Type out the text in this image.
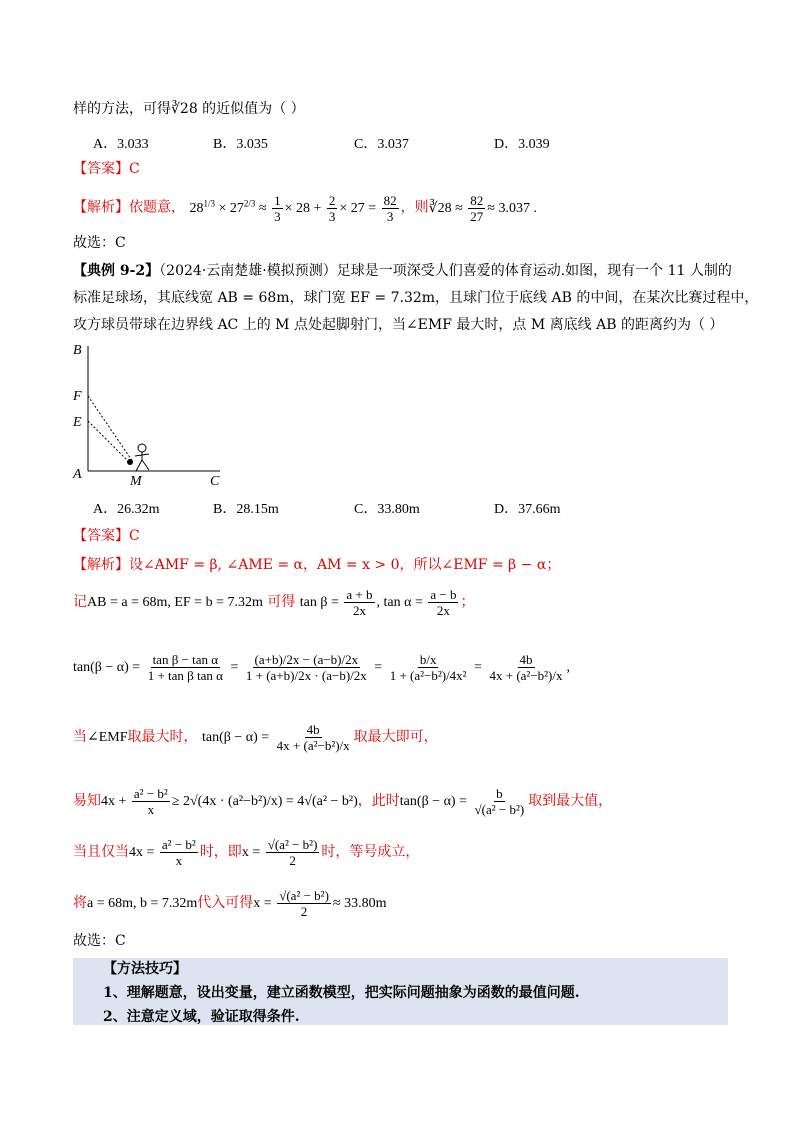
样的方法，可得∛28 的近似值为（ ）
A．3.033	B．3.035	C．3.037	D．3.039
【答案】C
【解析】依题意， $28^{1/3} \times 27^{2/3} \approx \frac{1}{3} \times 28 + \frac{2}{3} \times 27 = \frac{82}{3}$ ，则∛28 ≈ $\frac{82}{27} \approx 3.037$ .
故选：C
【典例 9-2】（2024·云南楚雄·模拟预测）足球是一项深受人们喜爱的体育运动.如图，现有一个 11 人制的
标准足球场，其底线宽 AB = 68m，球门宽 EF = 7.32m，且球门位于底线 AB 的中间，在某次比赛过程中，
攻方球员带球在边界线 AC 上的 M 点处起脚射门，当∠EMF 最大时，点 M 离底线 AB 的距离约为（ ）
B
F
E
A	M	C
A．26.32m	B．28.15m	C．33.80m	D．37.66m
【答案】C
【解析】设∠AMF = β, ∠AME = α，AM = x > 0，所以∠EMF = β − α；
记AB = a = 68m, EF = b = 7.32m 可得 $\tan \beta = \frac{a + b}{2x}$ , $\tan \alpha = \frac{a - b}{2x}$ ；
$\tan(\beta - \alpha) = \frac{\text{tan β − tan α}}{\text{1 + tan β tan α}} = \frac{(a+b)/2x - (a-b)/2x}{1 + (a+b)/2x \cdot (a-b)/2x} = \frac{b/x}{\text{1 + (a²−b²)/4x²}} = \frac{4b}{\text{4x + (a²−b²)/x}}$ ,
当∠EMF取最大时， $\tan(\beta - \alpha) = \frac{4b}{\text{4x + (a²−b²)/x}}$ 取最大即可，
易知$4x + \frac{\text{a² − b²}}{x} \ge 2√(4x \cdot (a^2-b^2)/x) = 4√(a^2 - b^2)$，此时$\tan(\beta - \alpha) = \frac{b}{\text{√(a² − b²)}}$ 取到最大值，
当且仅当$4x = \frac{\text{a² − b²}}{x}$ 时，即$x = \frac{\text{√(a² − b²)}}{2}$ 时，等号成立，
将a = 68m, b = 7.32m代入可得$x = \frac{\text{√(a² − b²)}}{2} \approx 33.80m$
故选：C
【方法技巧】
1、理解题意，设出变量，建立函数模型，把实际问题抽象为函数的最值问题.
2、注意定义域，验证取得条件.
